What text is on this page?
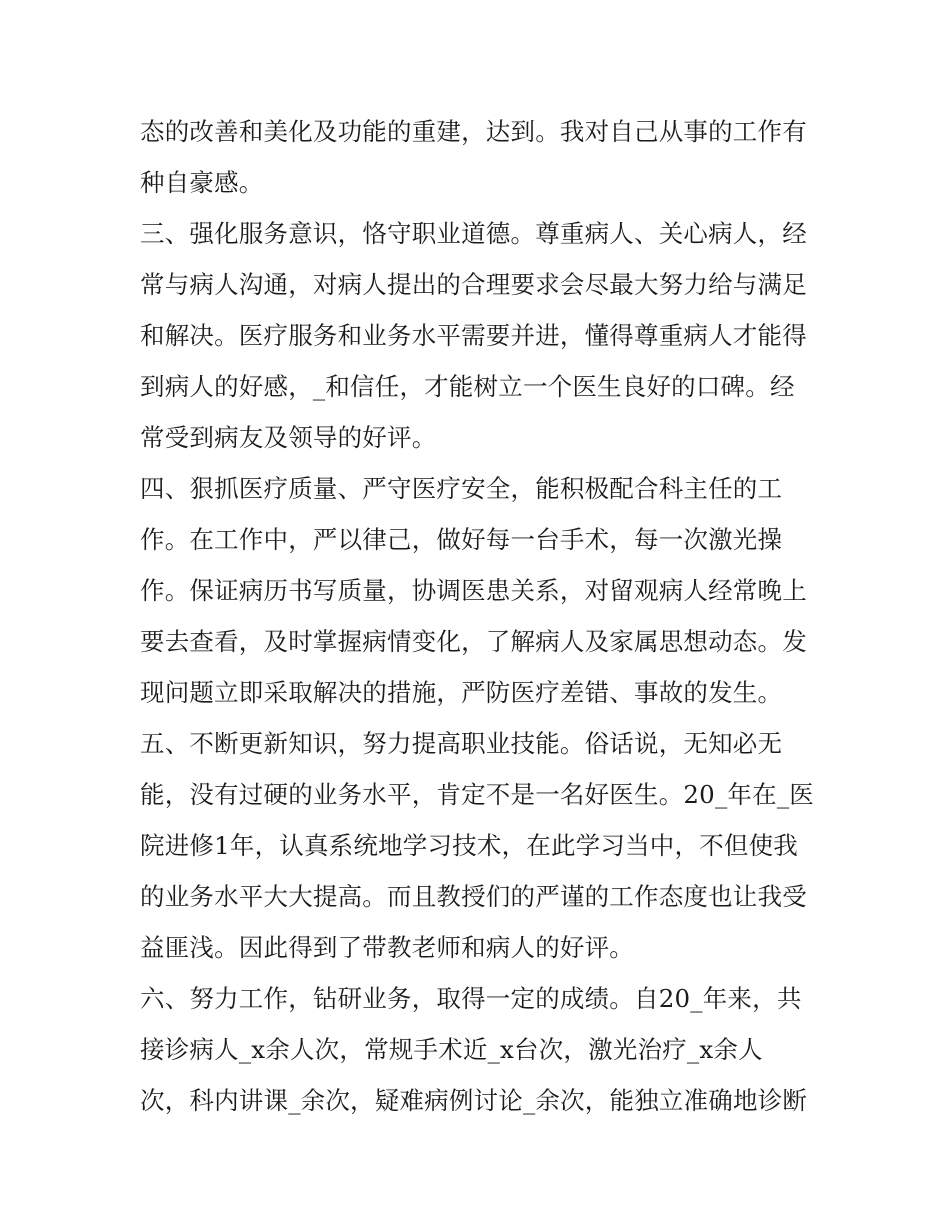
态的改善和美化及功能的重建，达到。我对自己从事的工作有
种自豪感。
三、强化服务意识，恪守职业道德。尊重病人、关心病人，经
常与病人沟通，对病人提出的合理要求会尽最大努力给与满足
和解决。医疗服务和业务水平需要并进，懂得尊重病人才能得
到病人的好感，_和信任，才能树立一个医生良好的口碑。经
常受到病友及领导的好评。
四、狠抓医疗质量、严守医疗安全，能积极配合科主任的工
作。在工作中，严以律己，做好每一台手术，每一次激光操
作。保证病历书写质量，协调医患关系，对留观病人经常晚上
要去查看，及时掌握病情变化，了解病人及家属思想动态。发
现问题立即采取解决的措施，严防医疗差错、事故的发生。
五、不断更新知识，努力提高职业技能。俗话说，无知必无
能，没有过硬的业务水平，肯定不是一名好医生。20_年在_医
院进修1年，认真系统地学习技术，在此学习当中，不但使我
的业务水平大大提高。而且教授们的严谨的工作态度也让我受
益匪浅。因此得到了带教老师和病人的好评。
六、努力工作，钻研业务，取得一定的成绩。自20_年来，共
接诊病人_x余人次，常规手术近_x台次，激光治疗_x余人
次，科内讲课_余次，疑难病例讨论_余次，能独立准确地诊断
